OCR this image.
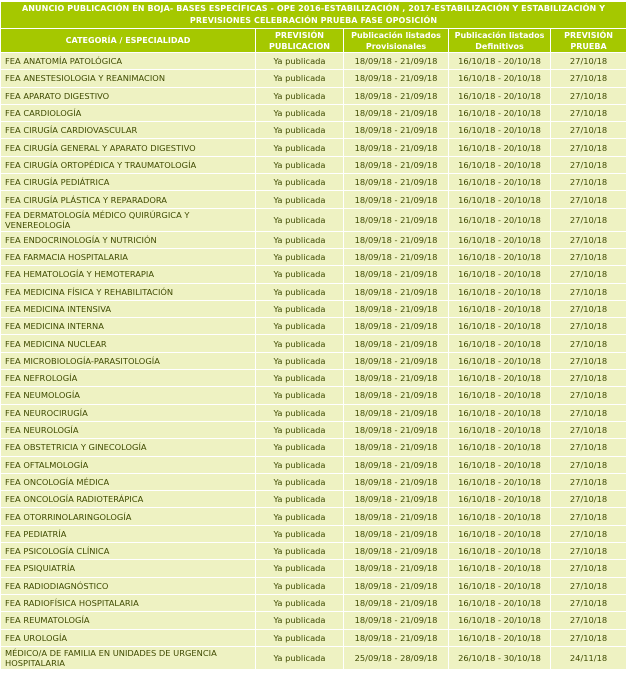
ANUNCIO PUBLICACIÓN EN BOJA- BASES ESPECÍFICAS - OPE 2016-ESTABILIZACIÓN , 2017-ESTABILIZACIÓN Y ESTABILIZACIÓN Y PREVISIONES CELEBRACIÓN PRUEBA FASE OPOSICIÓN				
CATEGORÍA / ESPECIALIDAD	PREVISIÓN PUBLICACION	Publicación listados Provisionales	Publicación listados Definitivos	PREVISIÓN PRUEBA
FEA ANATOMÍA PATOLÓGICA	Ya publicada	18/09/18 - 21/09/18	16/10/18 - 20/10/18	27/10/18
FEA ANESTESIOLOGIA Y REANIMACION	Ya publicada	18/09/18 - 21/09/18	16/10/18 - 20/10/18	27/10/18
FEA APARATO DIGESTIVO	Ya publicada	18/09/18 - 21/09/18	16/10/18 - 20/10/18	27/10/18
FEA CARDIOLOGÍA	Ya publicada	18/09/18 - 21/09/18	16/10/18 - 20/10/18	27/10/18
FEA CIRUGÍA CARDIOVASCULAR	Ya publicada	18/09/18 - 21/09/18	16/10/18 - 20/10/18	27/10/18
FEA CIRUGÍA GENERAL Y APARATO DIGESTIVO	Ya publicada	18/09/18 - 21/09/18	16/10/18 - 20/10/18	27/10/18
FEA CIRUGÍA ORTOPÉDICA Y TRAUMATOLOGÍA	Ya publicada	18/09/18 - 21/09/18	16/10/18 - 20/10/18	27/10/18
FEA CIRUGÍA PEDIÁTRICA	Ya publicada	18/09/18 - 21/09/18	16/10/18 - 20/10/18	27/10/18
FEA CIRUGÍA PLÁSTICA Y REPARADORA	Ya publicada	18/09/18 - 21/09/18	16/10/18 - 20/10/18	27/10/18
FEA DERMATOLOGÍA MÉDICO QUIRÚRGICA Y VENEREOLOGÍA	Ya publicada	18/09/18 - 21/09/18	16/10/18 - 20/10/18	27/10/18
FEA ENDOCRINOLOGÍA Y NUTRICIÓN	Ya publicada	18/09/18 - 21/09/18	16/10/18 - 20/10/18	27/10/18
FEA FARMACIA HOSPITALARIA	Ya publicada	18/09/18 - 21/09/18	16/10/18 - 20/10/18	27/10/18
FEA HEMATOLOGÍA Y HEMOTERAPIA	Ya publicada	18/09/18 - 21/09/18	16/10/18 - 20/10/18	27/10/18
FEA MEDICINA FÍSICA Y REHABILITACIÓN	Ya publicada	18/09/18 - 21/09/18	16/10/18 - 20/10/18	27/10/18
FEA MEDICINA INTENSIVA	Ya publicada	18/09/18 - 21/09/18	16/10/18 - 20/10/18	27/10/18
FEA MEDICINA INTERNA	Ya publicada	18/09/18 - 21/09/18	16/10/18 - 20/10/18	27/10/18
FEA MEDICINA NUCLEAR	Ya publicada	18/09/18 - 21/09/18	16/10/18 - 20/10/18	27/10/18
FEA MICROBIOLOGÍA-PARASITOLOGÍA	Ya publicada	18/09/18 - 21/09/18	16/10/18 - 20/10/18	27/10/18
FEA NEFROLOGÍA	Ya publicada	18/09/18 - 21/09/18	16/10/18 - 20/10/18	27/10/18
FEA NEUMOLOGÍA	Ya publicada	18/09/18 - 21/09/18	16/10/18 - 20/10/18	27/10/18
FEA NEUROCIRUGÍA	Ya publicada	18/09/18 - 21/09/18	16/10/18 - 20/10/18	27/10/18
FEA NEUROLOGÍA	Ya publicada	18/09/18 - 21/09/18	16/10/18 - 20/10/18	27/10/18
FEA OBSTETRICIA Y GINECOLOGÍA	Ya publicada	18/09/18 - 21/09/18	16/10/18 - 20/10/18	27/10/18
FEA OFTALMOLOGÍA	Ya publicada	18/09/18 - 21/09/18	16/10/18 - 20/10/18	27/10/18
FEA ONCOLOGÍA MÉDICA	Ya publicada	18/09/18 - 21/09/18	16/10/18 - 20/10/18	27/10/18
FEA ONCOLOGÍA RADIOTERÁPICA	Ya publicada	18/09/18 - 21/09/18	16/10/18 - 20/10/18	27/10/18
FEA OTORRINOLARINGOLOGÍA	Ya publicada	18/09/18 - 21/09/18	16/10/18 - 20/10/18	27/10/18
FEA PEDIATRÍA	Ya publicada	18/09/18 - 21/09/18	16/10/18 - 20/10/18	27/10/18
FEA PSICOLOGÍA CLÍNICA	Ya publicada	18/09/18 - 21/09/18	16/10/18 - 20/10/18	27/10/18
FEA PSIQUIATRÍA	Ya publicada	18/09/18 - 21/09/18	16/10/18 - 20/10/18	27/10/18
FEA RADIODIAGNÓSTICO	Ya publicada	18/09/18 - 21/09/18	16/10/18 - 20/10/18	27/10/18
FEA RADIOFÍSICA HOSPITALARIA	Ya publicada	18/09/18 - 21/09/18	16/10/18 - 20/10/18	27/10/18
FEA REUMATOLOGÍA	Ya publicada	18/09/18 - 21/09/18	16/10/18 - 20/10/18	27/10/18
FEA UROLOGÍA	Ya publicada	18/09/18 - 21/09/18	16/10/18 - 20/10/18	27/10/18
MÉDICO/A DE FAMILIA EN UNIDADES DE URGENCIA HOSPITALARIA	Ya publicada	25/09/18 - 28/09/18	26/10/18 - 30/10/18	24/11/18
